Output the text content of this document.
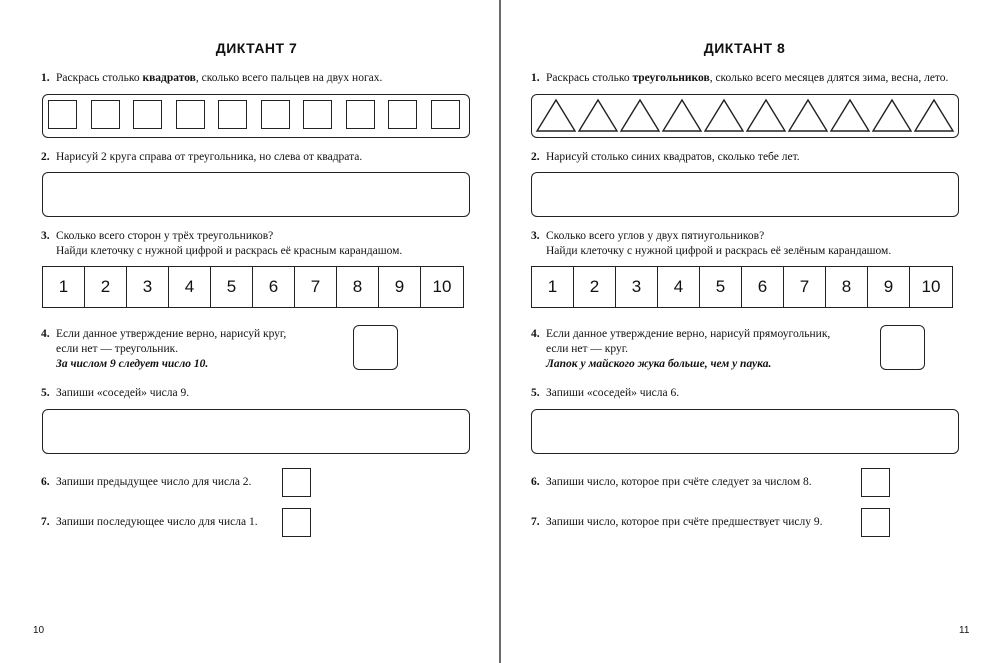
ДИКТАНТ 7
1. Раскрась столько квадратов, сколько всего пальцев на двух ногах.
2. Нарисуй 2 круга справа от треугольника, но слева от квадрата.
3. Сколько всего сторон у трёх треугольников?
Найди клеточку с нужной цифрой и раскрась её красным карандашом.
1	2	3	4	5	6	7	8	9	10
4. Если данное утверждение верно, нарисуй круг,
если нет — треугольник.
За числом 9 следует число 10.
5. Запиши «соседей» числа 9.
6. Запиши предыдущее число для числа 2.
7. Запиши последующее число для числа 1.
10
ДИКТАНТ 8
1. Раскрась столько треугольников, сколько всего месяцев длятся зима, весна, лето.
2. Нарисуй столько синих квадратов, сколько тебе лет.
3. Сколько всего углов у двух пятиугольников?
Найди клеточку с нужной цифрой и раскрась её зелёным карандашом.
1	2	3	4	5	6	7	8	9	10
4. Если данное утверждение верно, нарисуй прямоугольник,
если нет — круг.
Лапок у майского жука больше, чем у паука.
5. Запиши «соседей» числа 6.
6. Запиши число, которое при счёте следует за числом 8.
7. Запиши число, которое при счёте предшествует числу 9.
11
